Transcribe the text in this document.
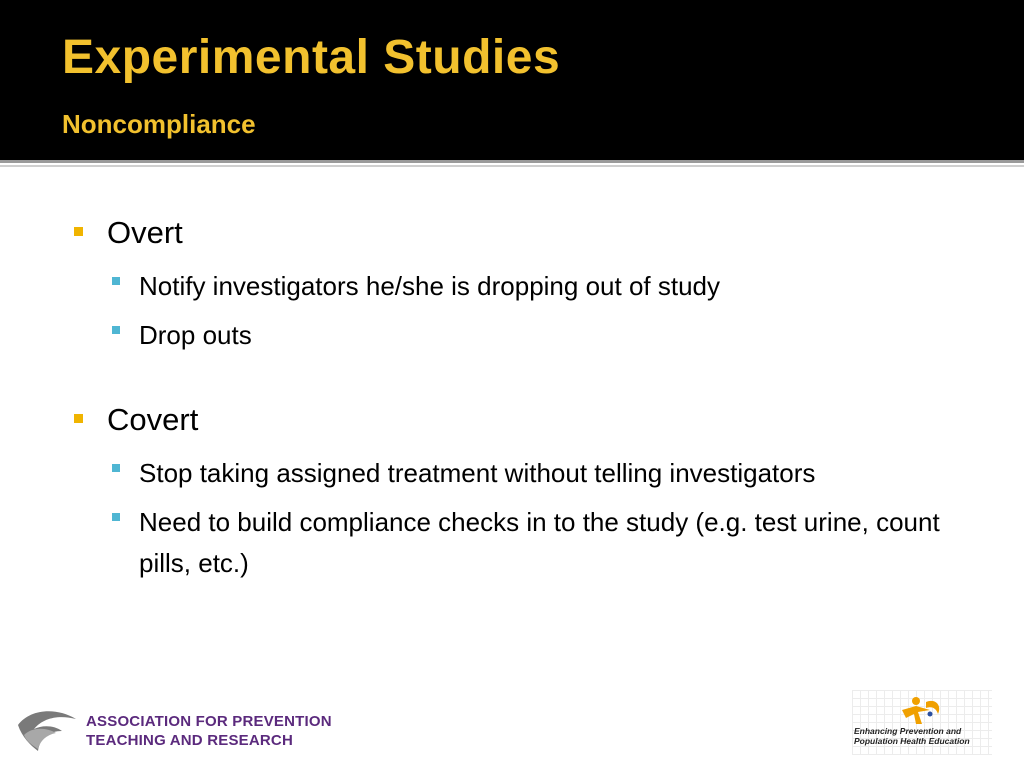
Experimental Studies
Noncompliance
Overt
Notify investigators he/she is dropping out of study
Drop outs
Covert
Stop taking assigned treatment without telling investigators
Need to build compliance checks in to the study (e.g. test urine, count pills, etc.)
ASSOCIATION FOR PREVENTION
TEACHING AND RESEARCH
Enhancing Prevention and
Population Health Education
